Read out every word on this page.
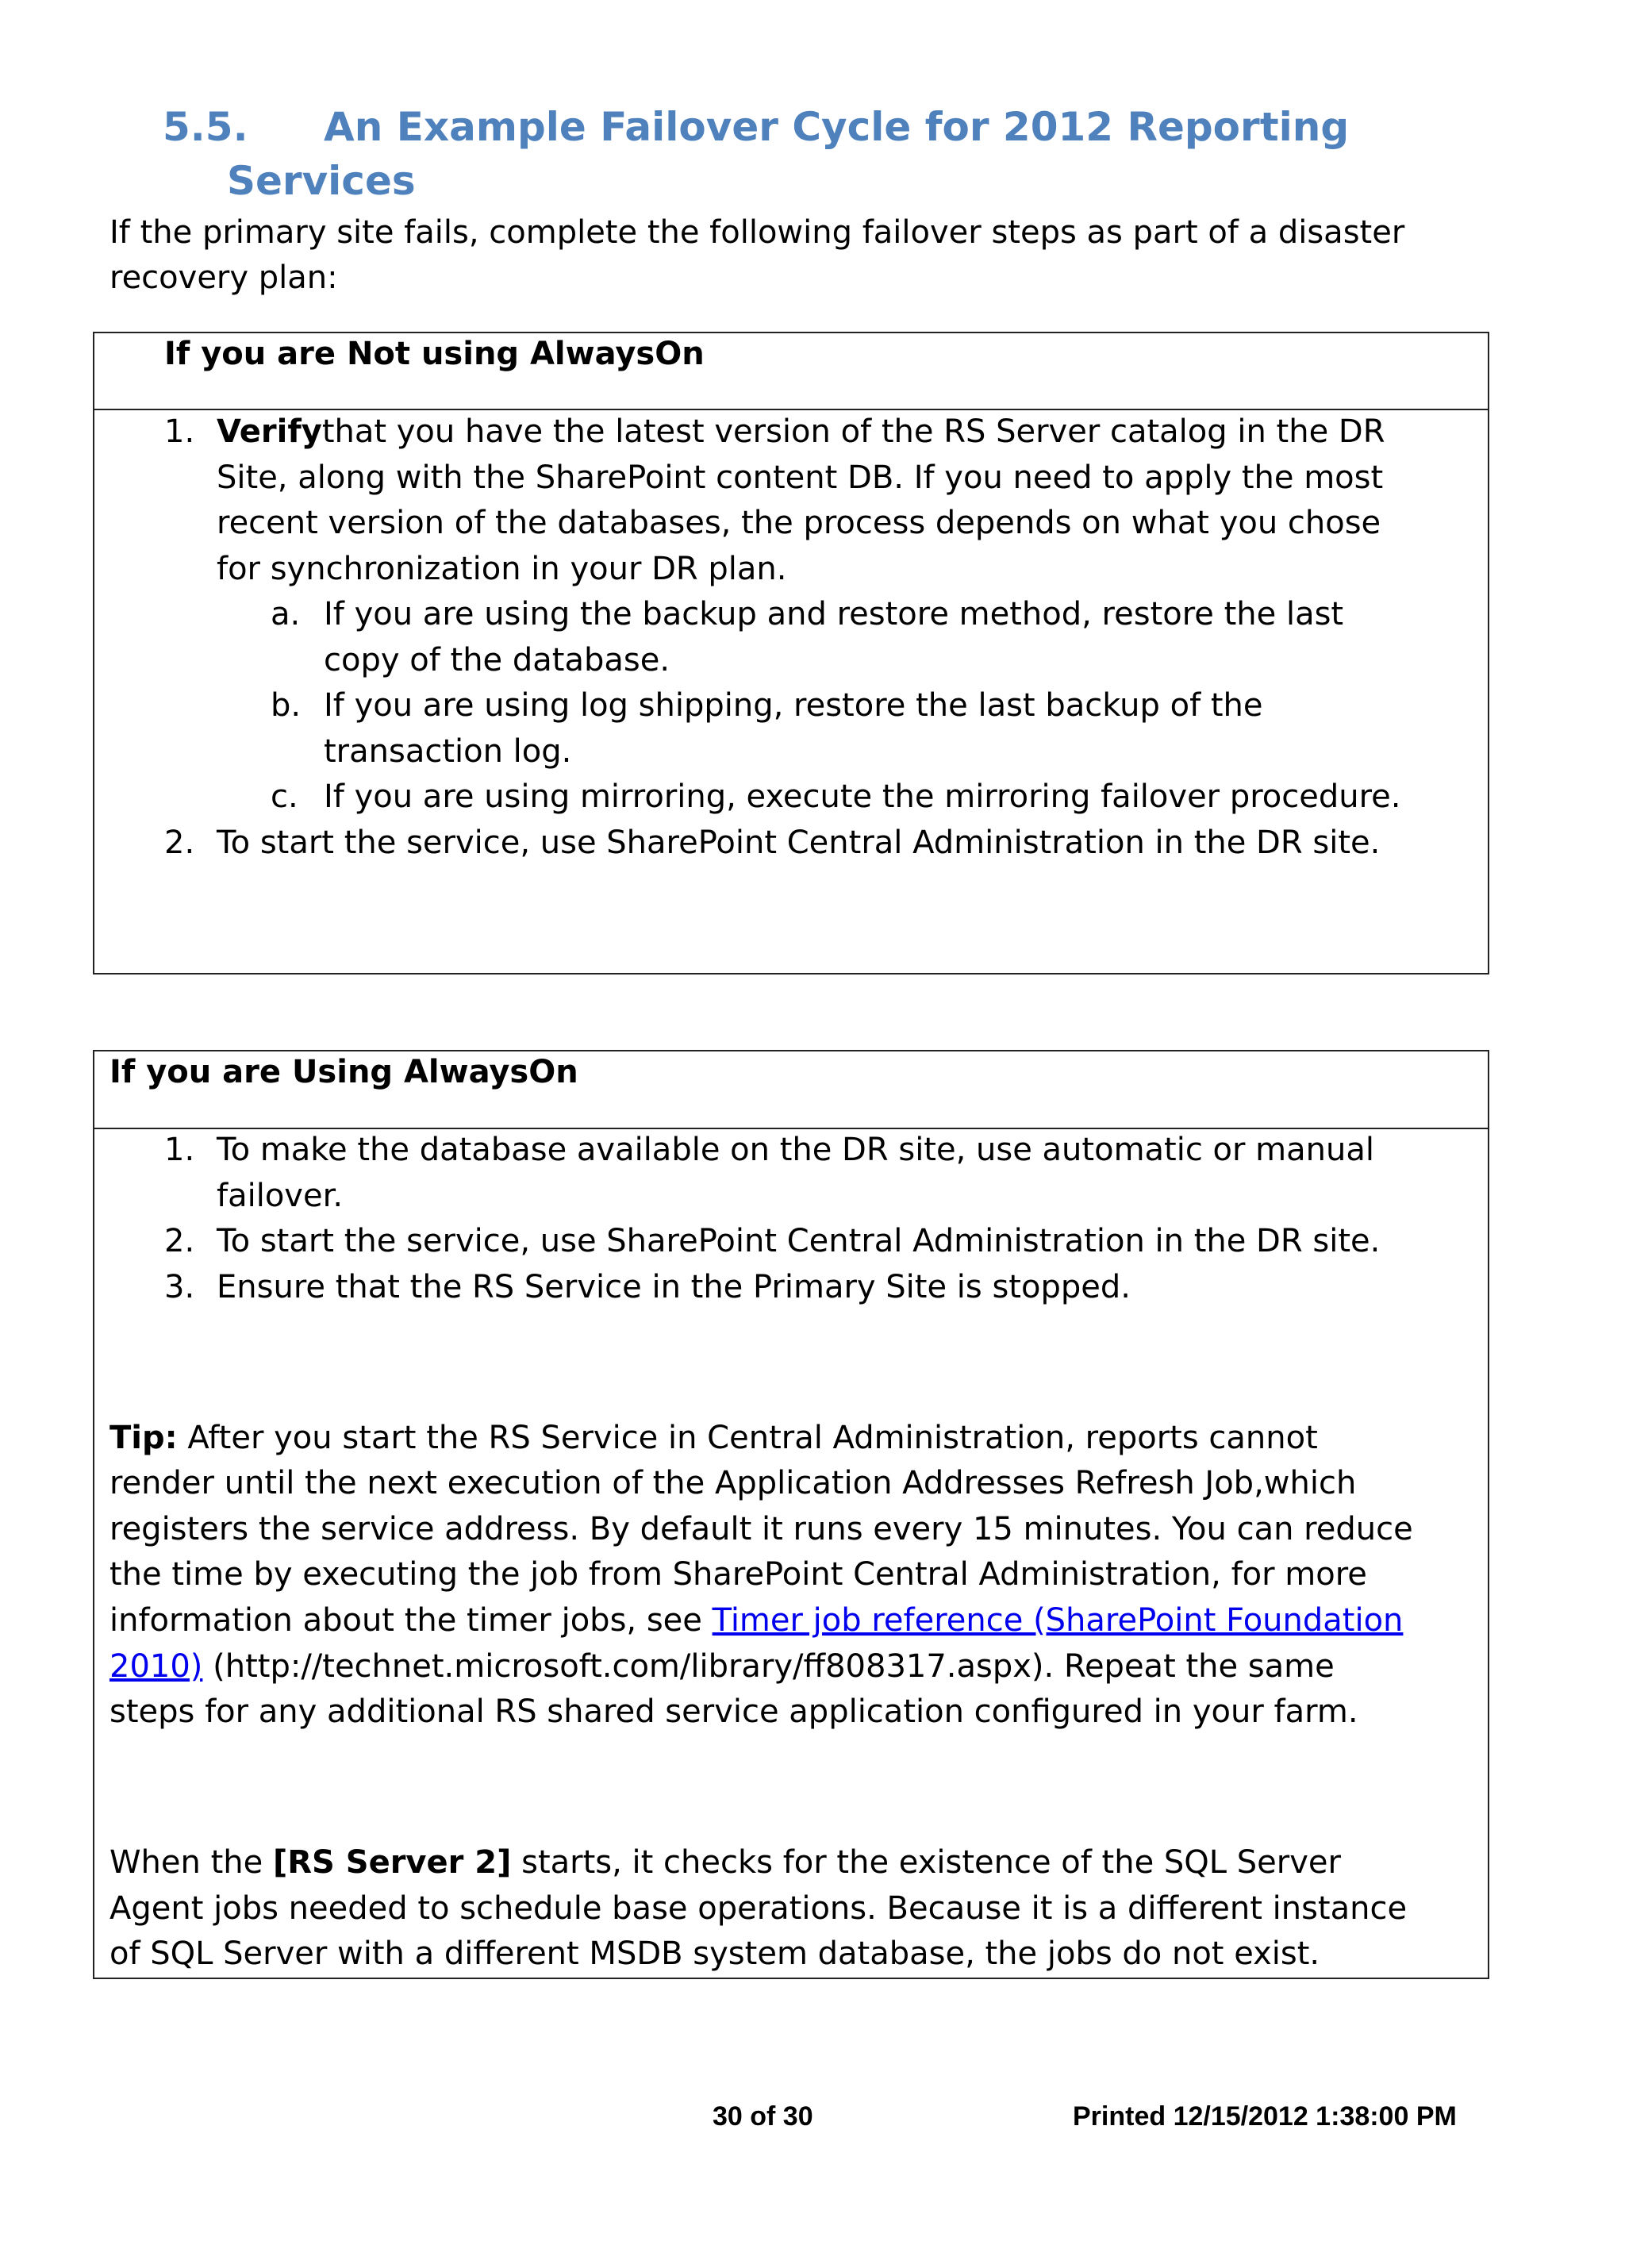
5.5. An Example Failover Cycle for 2012 Reporting
Services
If the primary site fails, complete the following failover steps as part of a disaster
recovery plan:
If you are Not using AlwaysOn
1. Verifythat you have the latest version of the RS Server catalog in the DR
Site, along with the SharePoint content DB. If you need to apply the most
recent version of the databases, the process depends on what you chose
for synchronization in your DR plan.
a. If you are using the backup and restore method, restore the last
copy of the database.
b. If you are using log shipping, restore the last backup of the
transaction log.
c. If you are using mirroring, execute the mirroring failover procedure.
2. To start the service, use SharePoint Central Administration in the DR site.
If you are Using AlwaysOn
1. To make the database available on the DR site, use automatic or manual
failover.
2. To start the service, use SharePoint Central Administration in the DR site.
3. Ensure that the RS Service in the Primary Site is stopped.
Tip: After you start the RS Service in Central Administration, reports cannot
render until the next execution of the Application Addresses Refresh Job,which
registers the service address. By default it runs every 15 minutes. You can reduce
the time by executing the job from SharePoint Central Administration, for more
information about the timer jobs, see Timer job reference (SharePoint Foundation
2010) (http://technet.microsoft.com/library/ff808317.aspx). Repeat the same
steps for any additional RS shared service application configured in your farm.
When the [RS Server 2] starts, it checks for the existence of the SQL Server
Agent jobs needed to schedule base operations. Because it is a different instance
of SQL Server with a different MSDB system database, the jobs do not exist.
30 of 30	Printed 12/15/2012 1:38:00 PM
